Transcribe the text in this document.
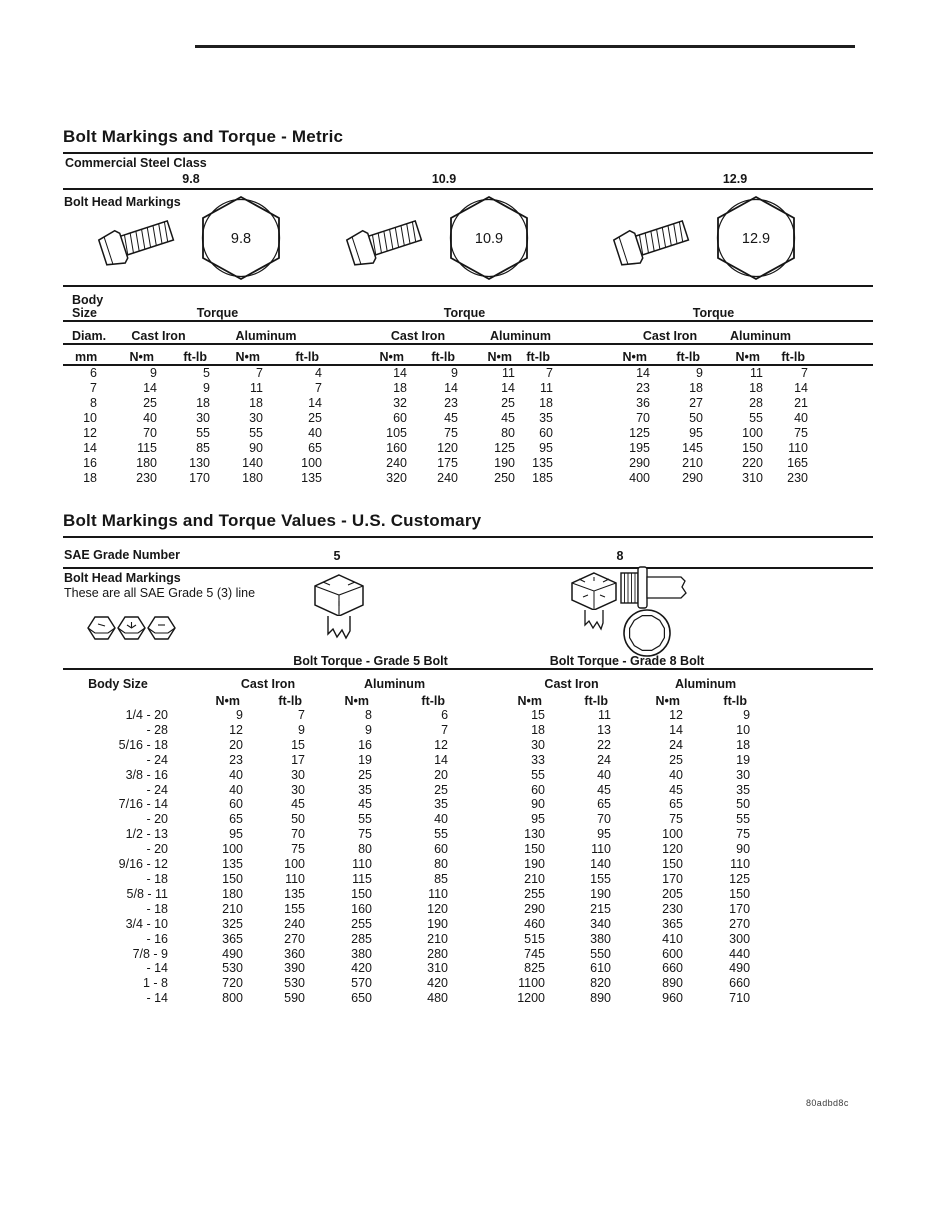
Bolt Markings and Torque - Metric
Commercial Steel Class
9.8	10.9	12.9
Bolt Head Markings
9.8	10.9	12.9
Body Size	Torque				Torque				Torque				
Diam.	Cast Iron		Aluminum		Cast Iron		Aluminum		Cast Iron		Aluminum		
mm	N•m	ft-lb	N•m	ft-lb	N•m	ft-lb	N•m	ft-lb	N•m	ft-lb	N•m	ft-lb	
6	9	5	7	4	14	9	11	7	14	9	11	7	
7	14	9	11	7	18	14	14	11	23	18	18	14	
8	25	18	18	14	32	23	25	18	36	27	28	21	
10	40	30	30	25	60	45	45	35	70	50	55	40	
12	70	55	55	40	105	75	80	60	125	95	100	75	
14	115	85	90	65	160	120	125	95	195	145	150	110	
16	180	130	140	100	240	175	190	135	290	210	220	165	
18	230	170	180	135	320	240	250	185	400	290	310	230	
Bolt Markings and Torque Values - U.S. Customary
SAE Grade Number	5	8
Bolt Head Markings
These are all SAE Grade 5 (3) line
	Bolt Torque - Grade 5 Bolt				Bolt Torque - Grade 8 Bolt				
Body Size	Cast Iron		Aluminum		Cast Iron		Aluminum		
	N•m	ft-lb	N•m	ft-lb	N•m	ft-lb	N•m	ft-lb	
1/4 - 20	9	7	8	6	15	11	12	9	
- 28	12	9	9	7	18	13	14	10	
5/16 - 18	20	15	16	12	30	22	24	18	
- 24	23	17	19	14	33	24	25	19	
3/8 - 16	40	30	25	20	55	40	40	30	
- 24	40	30	35	25	60	45	45	35	
7/16 - 14	60	45	45	35	90	65	65	50	
- 20	65	50	55	40	95	70	75	55	
1/2 - 13	95	70	75	55	130	95	100	75	
- 20	100	75	80	60	150	110	120	90	
9/16 - 12	135	100	110	80	190	140	150	110	
- 18	150	110	115	85	210	155	170	125	
5/8 - 11	180	135	150	110	255	190	205	150	
- 18	210	155	160	120	290	215	230	170	
3/4 - 10	325	240	255	190	460	340	365	270	
- 16	365	270	285	210	515	380	410	300	
7/8 - 9	490	360	380	280	745	550	600	440	
- 14	530	390	420	310	825	610	660	490	
1 - 8	720	530	570	420	1100	820	890	660	
- 14	800	590	650	480	1200	890	960	710	
80adbd8c
